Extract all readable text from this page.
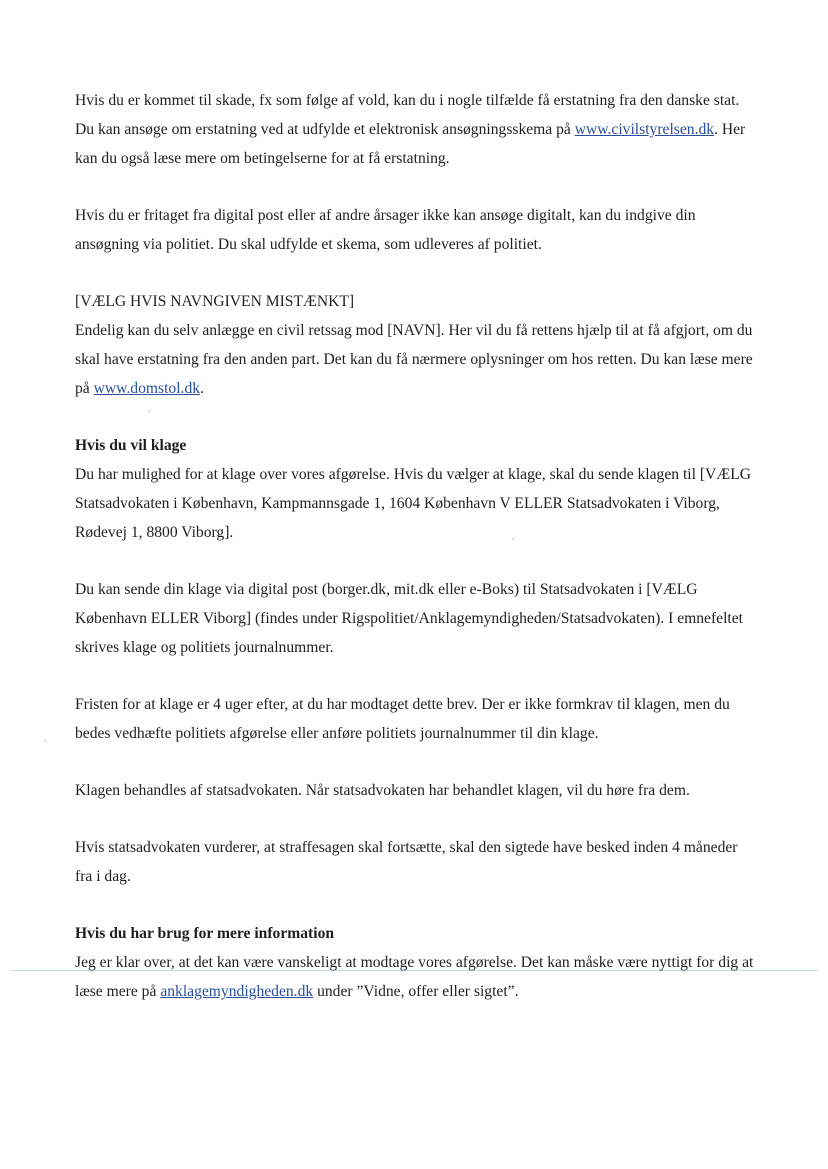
Hvis du er kommet til skade, fx som følge af vold, kan du i nogle tilfælde få erstatning fra den danske stat. Du kan ansøge om erstatning ved at udfylde et elektronisk ansøgningsskema på www.civilstyrelsen.dk. Her kan du også læse mere om betingelserne for at få erstatning.

Hvis du er fritaget fra digital post eller af andre årsager ikke kan ansøge digitalt, kan du indgive din ansøgning via politiet. Du skal udfylde et skema, som udleveres af politiet.

[VÆLG HVIS NAVNGIVEN MISTÆNKT]

Endelig kan du selv anlægge en civil retssag mod [NAVN]. Her vil du få rettens hjælp til at få afgjort, om du skal have erstatning fra den anden part. Det kan du få nærmere oplysninger om hos retten. Du kan læse mere på www.domstol.dk.

Hvis du vil klage

Du har mulighed for at klage over vores afgørelse. Hvis du vælger at klage, skal du sende klagen til [VÆLG Statsadvokaten i København, Kampmannsgade 1, 1604 København V ELLER Statsadvokaten i Viborg, Rødevej 1, 8800 Viborg].

Du kan sende din klage via digital post (borger.dk, mit.dk eller e-Boks) til Statsadvokaten i [VÆLG København ELLER Viborg] (findes under Rigspolitiet/Anklagemyndigheden/Statsadvokaten). I emnefeltet skrives klage og politiets journalnummer.

Fristen for at klage er 4 uger efter, at du har modtaget dette brev. Der er ikke formkrav til klagen, men du bedes vedhæfte politiets afgørelse eller anføre politiets journalnummer til din klage.

Klagen behandles af statsadvokaten. Når statsadvokaten har behandlet klagen, vil du høre fra dem.

Hvis statsadvokaten vurderer, at straffesagen skal fortsætte, skal den sigtede have besked inden 4 måneder fra i dag.

Hvis du har brug for mere information

Jeg er klar over, at det kan være vanskeligt at modtage vores afgørelse. Det kan måske være nyttigt for dig at læse mere på anklagemyndigheden.dk under ”Vidne, offer eller sigtet”.
